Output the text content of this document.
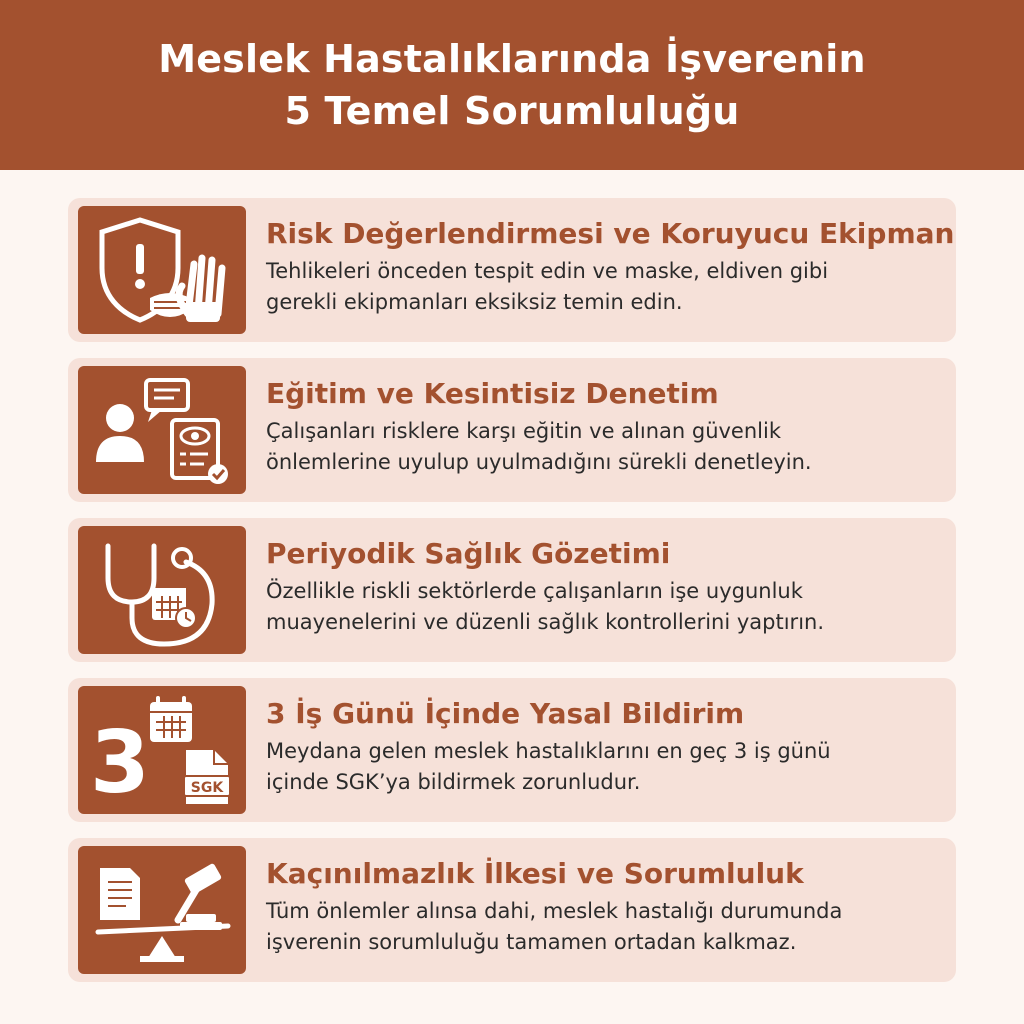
Meslek Hastalıklarında İşverenin
5 Temel Sorumluluğu
Risk Değerlendirmesi ve Koruyucu Ekipman
Tehlikeleri önceden tespit edin ve maske, eldiven gibi
gerekli ekipmanları eksiksiz temin edin.
Eğitim ve Kesintisiz Denetim
Çalışanları risklere karşı eğitin ve alınan güvenlik
önlemlerine uyulup uyulmadığını sürekli denetleyin.
Periyodik Sağlık Gözetimi
Özellikle riskli sektörlerde çalışanların işe uygunluk
muayenelerini ve düzenli sağlık kontrollerini yaptırın.
3	SGK
3 İş Günü İçinde Yasal Bildirim
Meydana gelen meslek hastalıklarını en geç 3 iş günü
içinde SGK’ya bildirmek zorunludur.
Kaçınılmazlık İlkesi ve Sorumluluk
Tüm önlemler alınsa dahi, meslek hastalığı durumunda
işverenin sorumluluğu tamamen ortadan kalkmaz.
